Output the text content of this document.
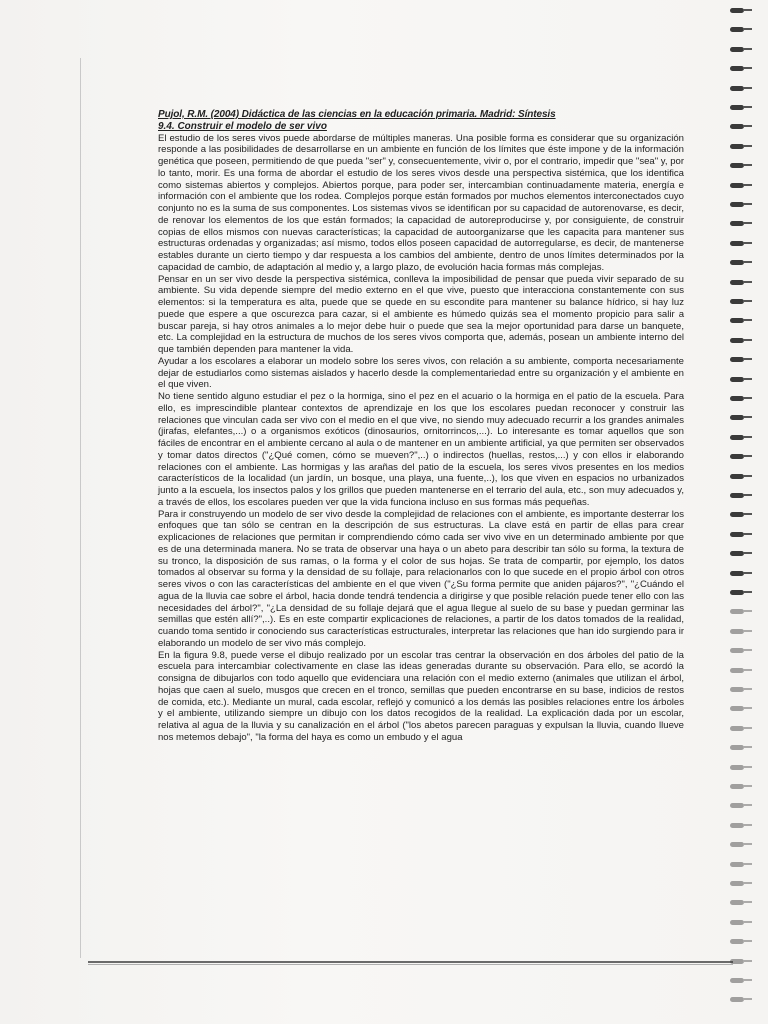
Pujol, R.M. (2004) Didáctica de las ciencias en la educación primaria. Madrid: Síntesis
9.4. Construir el modelo de ser vivo

El estudio de los seres vivos puede abordarse de múltiples maneras. Una posible forma es considerar que su organización responde a las posibilidades de desarrollarse en un ambiente en función de los límites que éste impone y de la información genética que poseen, permitiendo de que pueda "ser" y, consecuentemente, vivir o, por el contrario, impedir que "sea" y, por lo tanto, morir. Es una forma de abordar el estudio de los seres vivos desde una perspectiva sistémica, que los identifica como sistemas abiertos y complejos. Abiertos porque, para poder ser, intercambian continuadamente materia, energía e información con el ambiente que los rodea. Complejos porque están formados por muchos elementos interconectados cuyo conjunto no es la suma de sus componentes. Los sistemas vivos se identifican por su capacidad de autorenovarse, es decir, de renovar los elementos de los que están formados; la capacidad de autoreproducirse y, por consiguiente, de construir copias de ellos mismos con nuevas características; la capacidad de autoorganizarse que les capacita para mantener sus estructuras ordenadas y organizadas; así mismo, todos ellos poseen capacidad de autorregularse, es decir, de mantenerse estables durante un cierto tiempo y dar respuesta a los cambios del ambiente, dentro de unos límites determinados por la capacidad de cambio, de adaptación al medio y, a largo plazo, de evolución hacia formas más complejas.

Pensar en un ser vivo desde la perspectiva sistémica, conlleva la imposibilidad de pensar que pueda vivir separado de su ambiente. Su vida depende siempre del medio externo en el que vive, puesto que interacciona constantemente con sus elementos: si la temperatura es alta, puede que se quede en su escondite para mantener su balance hídrico, si hay luz puede que espere a que oscurezca para cazar, si el ambiente es húmedo quizás sea el momento propicio para salir a buscar pareja, si hay otros animales a lo mejor debe huir o puede que sea la mejor oportunidad para darse un banquete, etc. La complejidad en la estructura de muchos de los seres vivos comporta que, además, posean un ambiente interno del que también dependen para mantener la vida.

Ayudar a los escolares a elaborar un modelo sobre los seres vivos, con relación a su ambiente, comporta necesariamente dejar de estudiarlos como sistemas aislados y hacerlo desde la complementariedad entre su organización y el ambiente en el que viven.

No tiene sentido alguno estudiar el pez o la hormiga, sino el pez en el acuario o la hormiga en el patio de la escuela. Para ello, es imprescindible plantear contextos de aprendizaje en los que los escolares puedan reconocer y construir las relaciones que vinculan cada ser vivo con el medio en el que vive, no siendo muy adecuado recurrir a los grandes animales (jirafas, elefantes,...) o a organismos exóticos (dinosaurios, ornitorrincos,...). Lo interesante es tomar aquellos que son fáciles de encontrar en el ambiente cercano al aula o de mantener en un ambiente artificial, ya que permiten ser observados y tomar datos directos ("¿Qué comen, cómo se mueven?",..) o indirectos (huellas, restos,...) y con ellos ir elaborando relaciones con el ambiente. Las hormigas y las arañas del patio de la escuela, los seres vivos presentes en los medios característicos de la localidad (un jardín, un bosque, una playa, una fuente,..), los que viven en espacios no urbanizados junto a la escuela, los insectos palos y los grillos que pueden mantenerse en el terrario del aula, etc., son muy adecuados y, a través de ellos, los escolares pueden ver que la vida funciona incluso en sus formas más pequeñas.

Para ir construyendo un modelo de ser vivo desde la complejidad de relaciones con el ambiente, es importante desterrar los enfoques que tan sólo se centran en la descripción de sus estructuras. La clave está en partir de ellas para crear explicaciones de relaciones que permitan ir comprendiendo cómo cada ser vivo vive en un determinado ambiente por que es de una determinada manera. No se trata de observar una haya o un abeto para describir tan sólo su forma, la textura de su tronco, la disposición de sus ramas, o la forma y el color de sus hojas. Se trata de compartir, por ejemplo, los datos tomados al observar su forma y la densidad de su follaje, para relacionarlos con lo que sucede en el propio árbol con otros seres vivos o con las características del ambiente en el que viven ("¿Su forma permite que aniden pájaros?", "¿Cuándo el agua de la lluvia cae sobre el árbol, hacia donde tendrá tendencia a dirigirse y que posible relación puede tener ello con las necesidades del árbol?", "¿La densidad de su follaje dejará que el agua llegue al suelo de su base y puedan germinar las semillas que estén allí?",..). Es en este compartir explicaciones de relaciones, a partir de los datos tomados de la realidad, cuando toma sentido ir conociendo sus características estructurales, interpretar las relaciones que han ido surgiendo para ir elaborando un modelo de ser vivo más complejo.

En la figura 9.8, puede verse el dibujo realizado por un escolar tras centrar la observación en dos árboles del patio de la escuela para intercambiar colectivamente en clase las ideas generadas durante su observación. Para ello, se acordó la consigna de dibujarlos con todo aquello que evidenciara una relación con el medio externo (animales que utilizan el árbol, hojas que caen al suelo, musgos que crecen en el tronco, semillas que pueden encontrarse en su base, indicios de restos de comida, etc.). Mediante un mural, cada escolar, reflejó y comunicó a los demás las posibles relaciones entre los árboles y el ambiente, utilizando siempre un dibujo con los datos recogidos de la realidad. La explicación dada por un escolar, relativa al agua de la lluvia y su canalización en el árbol ("los abetos parecen paraguas y expulsan la lluvia, cuando llueve nos metemos debajo", "la forma del haya es como un embudo y el agua
